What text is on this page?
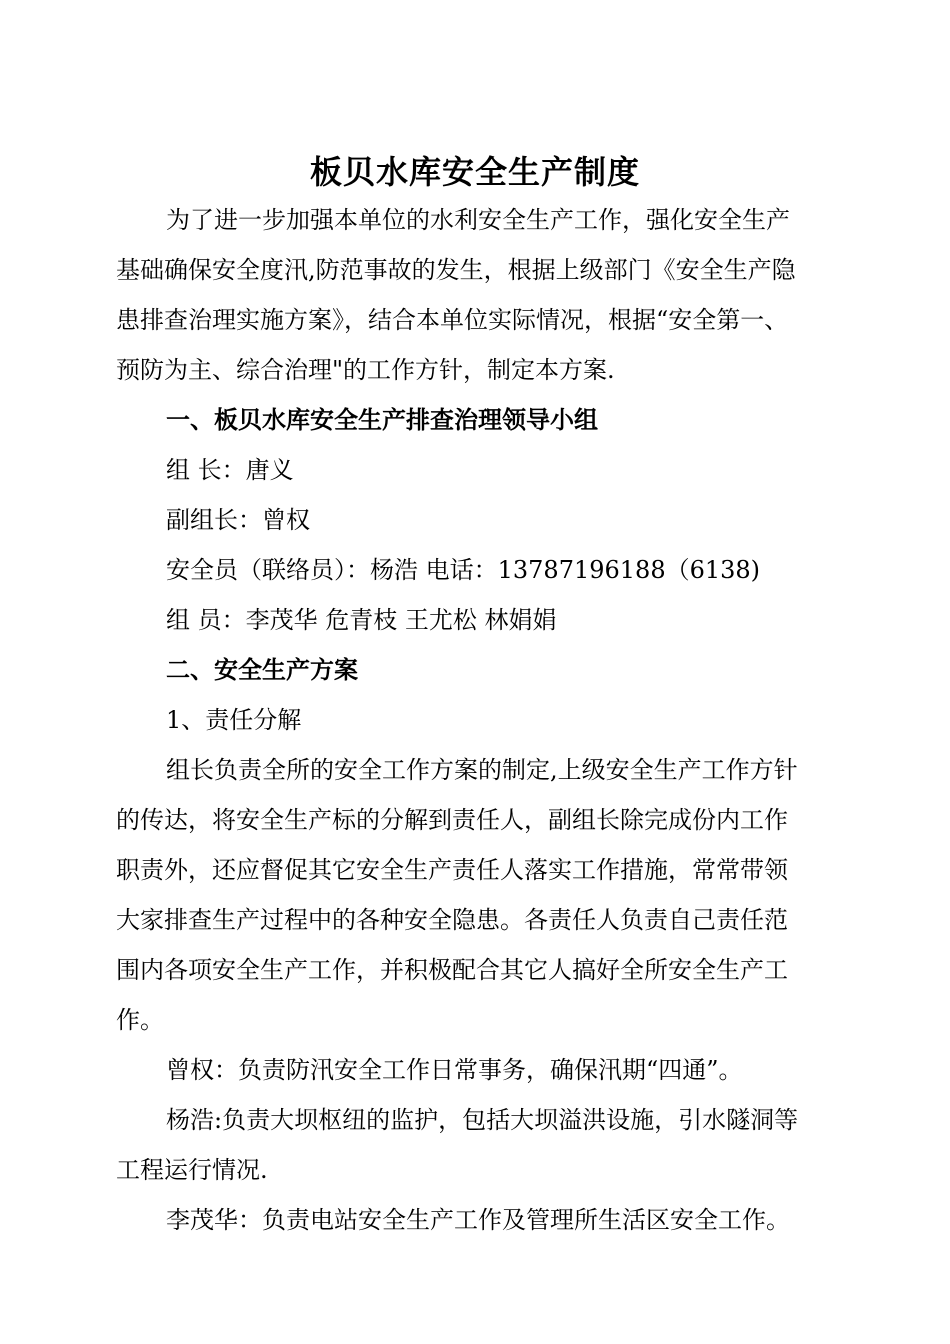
板贝水库安全生产制度
为了进一步加强本单位的水利安全生产工作，强化安全生产
基础确保安全度汛,防范事故的发生，根据上级部门《安全生产隐
患排查治理实施方案》，结合本单位实际情况，根据“安全第一、
预防为主、综合治理"的工作方针，制定本方案.
一、板贝水库安全生产排查治理领导小组
组 长：唐义
副组长：曾权
安全员（联络员）：杨浩 电话：13787196188（6138)
组 员：李茂华 危青枝 王尤松 林娟娟
二、安全生产方案
1、责任分解
组长负责全所的安全工作方案的制定,上级安全生产工作方针
的传达，将安全生产标的分解到责任人，副组长除完成份内工作
职责外，还应督促其它安全生产责任人落实工作措施，常常带领
大家排查生产过程中的各种安全隐患。各责任人负责自己责任范
围内各项安全生产工作，并积极配合其它人搞好全所安全生产工
作。
曾权：负责防汛安全工作日常事务，确保汛期“四通”。
杨浩:负责大坝枢纽的监护，包括大坝溢洪设施，引水隧洞等
工程运行情况.
李茂华：负责电站安全生产工作及管理所生活区安全工作。
